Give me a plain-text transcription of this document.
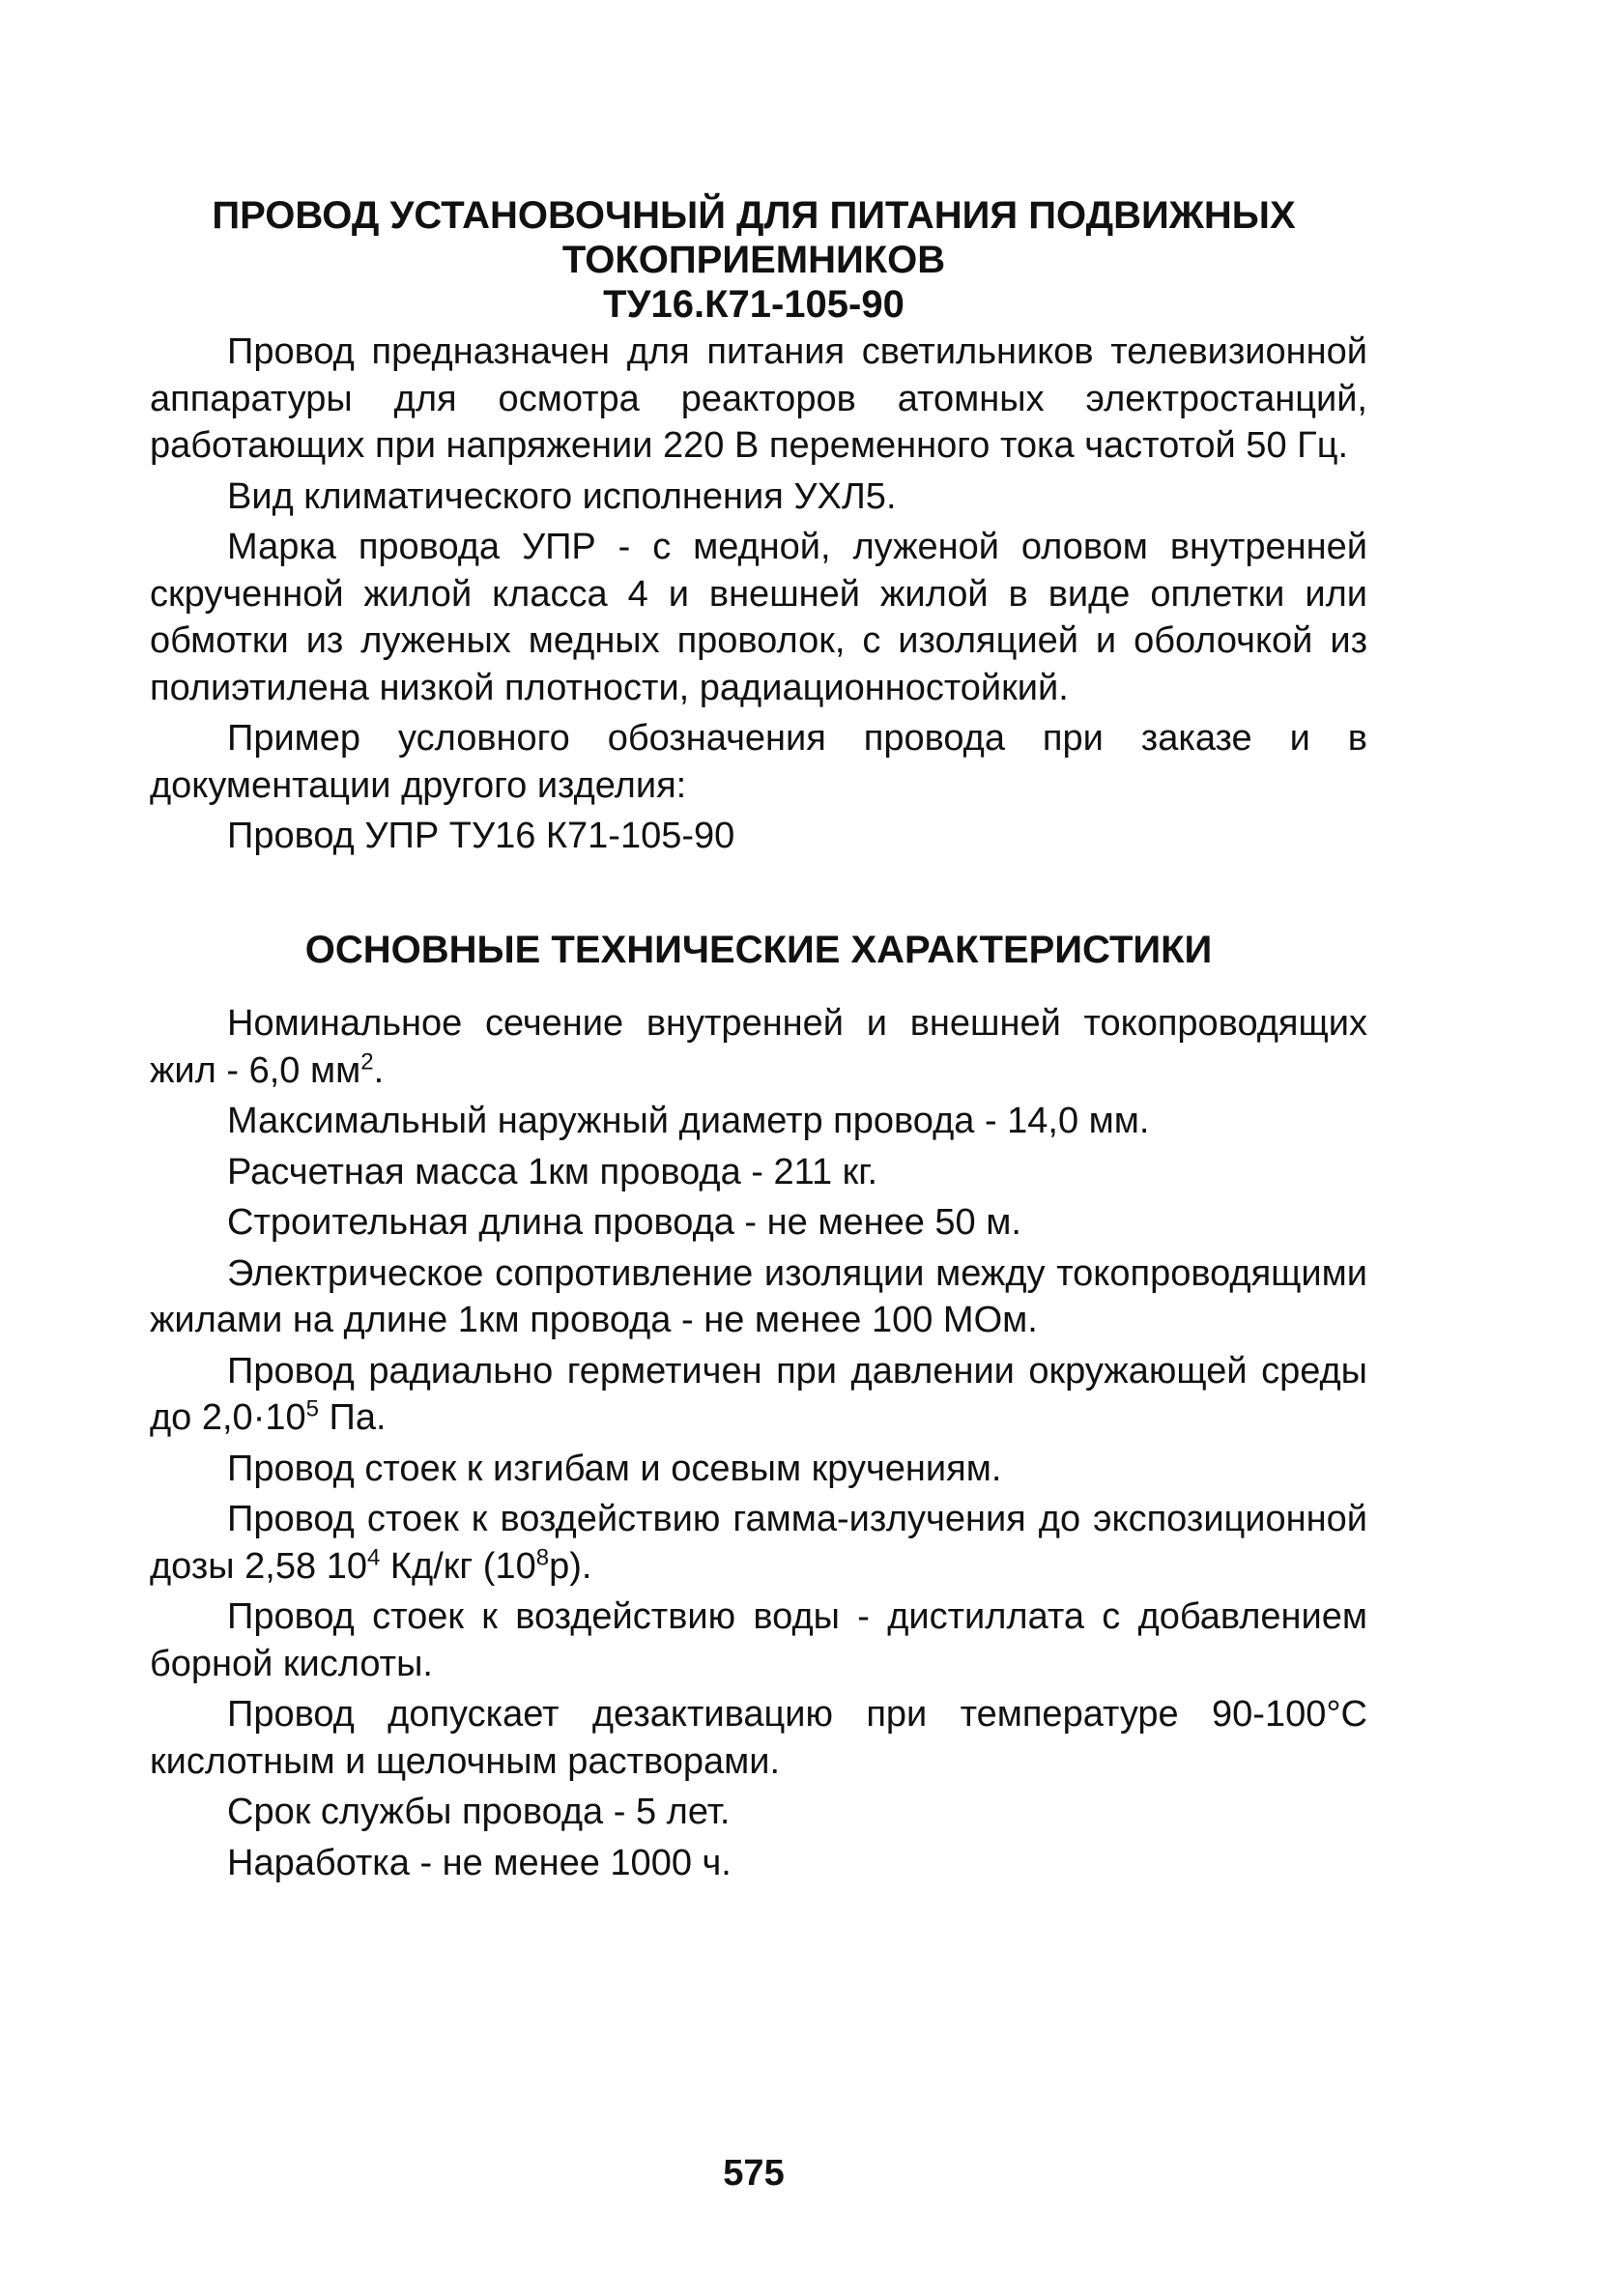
ПРОВОД УСТАНОВОЧНЫЙ ДЛЯ ПИТАНИЯ ПОДВИЖНЫХ
ТОКОПРИЕМНИКОВ
ТУ16.К71-105-90

Провод предназначен для питания светильников телевизионной аппаратуры для осмотра реакторов атомных электростанций, работающих при напряжении 220 В переменного тока частотой 50 Гц.

Вид климатического исполнения УХЛ5.

Марка провода УПР - с медной, луженой оловом внутренней скрученной жилой класса 4 и внешней жилой в виде оплетки или обмотки из луженых медных проволок, с изоляцией и оболочкой из полиэтилена низкой плотности, радиационностойкий.

Пример условного обозначения провода при заказе и в документации другого изделия:

Провод УПР ТУ16 К71-105-90

ОСНОВНЫЕ ТЕХНИЧЕСКИЕ ХАРАКТЕРИСТИКИ

Номинальное сечение внутренней и внешней токопроводящих жил - 6,0 $мм^2$.

Максимальный наружный диаметр провода - 14,0 мм.

Расчетная масса 1км провода - 211 кг.

Строительная длина провода - не менее 50 м.

Электрическое сопротивление изоляции между токопроводящими жилами на длине 1км провода - не менее 100 МОм.

Провод радиально герметичен при давлении окружающей среды до $2,0\cdot 10^5$ Па.

Провод стоек к изгибам и осевым кручениям.

Провод стоек к воздействию гамма-излучения до экспозиционной дозы 2,58 $10^4$ Кд/кг $(10^8р)$.

Провод стоек к воздействию воды - дистиллата с добавлением борной кислоты.

Провод допускает дезактивацию при температуре 90-100°С кислотным и щелочным растворами.

Срок службы провода - 5 лет.

Наработка - не менее 1000 ч.

575
